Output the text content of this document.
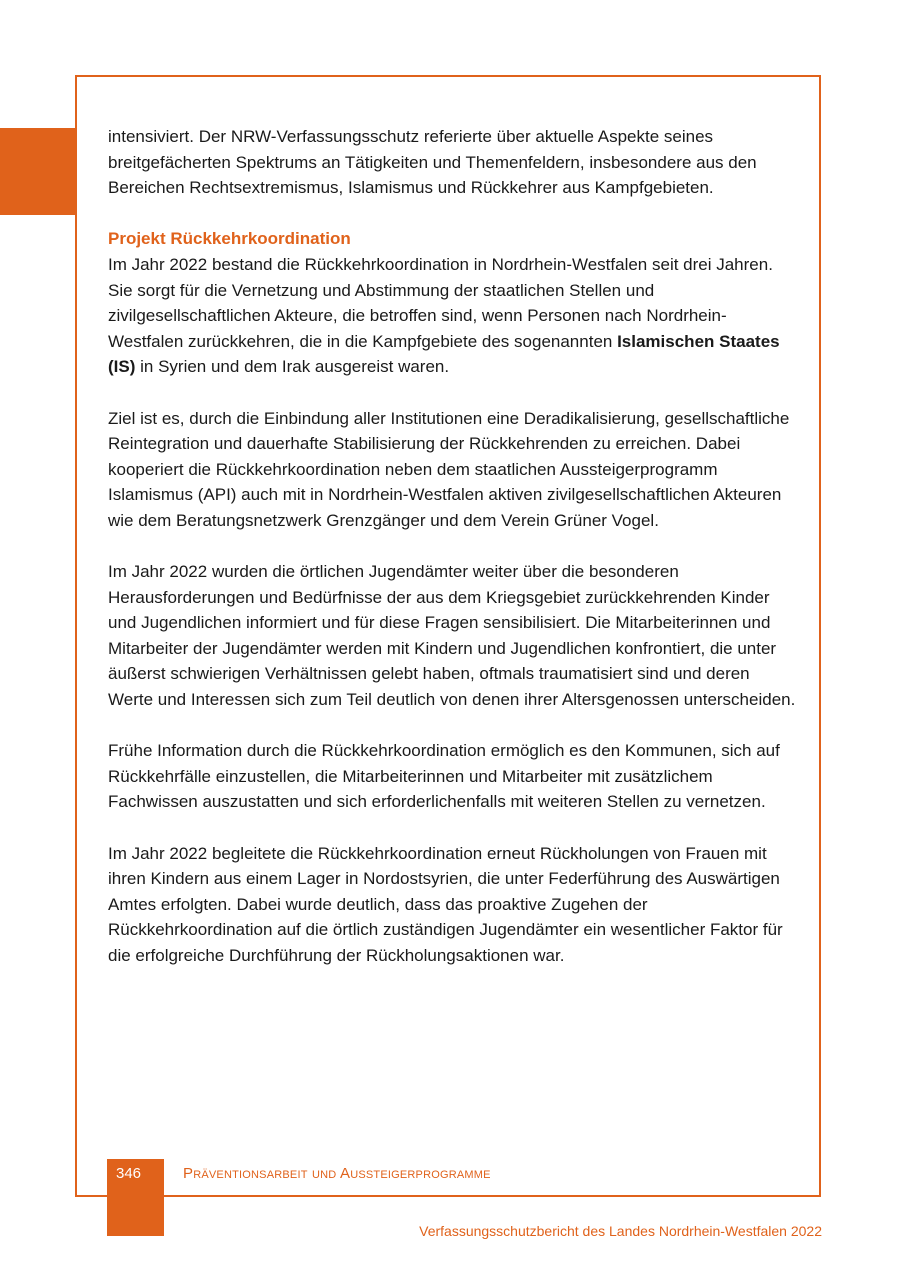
intensiviert. Der NRW-Verfassungsschutz referierte über aktuelle Aspekte seines breitgefächerten Spektrums an Tätigkeiten und Themenfeldern, insbesondere aus den Bereichen Rechtsextremismus, Islamismus und Rückkehrer aus Kampfgebieten.

Projekt Rückkehrkoordination

Im Jahr 2022 bestand die Rückkehrkoordination in Nordrhein-Westfalen seit drei Jahren. Sie sorgt für die Vernetzung und Abstimmung der staatlichen Stellen und zivilgesellschaftlichen Akteure, die betroffen sind, wenn Personen nach Nordrhein-Westfalen zurückkehren, die in die Kampfgebiete des sogenannten Islamischen Staates (IS) in Syrien und dem Irak ausgereist waren.

Ziel ist es, durch die Einbindung aller Institutionen eine Deradikalisierung, gesellschaftliche Reintegration und dauerhafte Stabilisierung der Rückkehrenden zu erreichen. Dabei kooperiert die Rückkehrkoordination neben dem staatlichen Aussteigerprogramm Islamismus (API) auch mit in Nordrhein-Westfalen aktiven zivilgesellschaftlichen Akteuren wie dem Beratungsnetzwerk Grenzgänger und dem Verein Grüner Vogel.

Im Jahr 2022 wurden die örtlichen Jugendämter weiter über die besonderen Herausforderungen und Bedürfnisse der aus dem Kriegsgebiet zurückkehrenden Kinder und Jugendlichen informiert und für diese Fragen sensibilisiert. Die Mitarbeiterinnen und Mitarbeiter der Jugendämter werden mit Kindern und Jugendlichen konfrontiert, die unter äußerst schwierigen Verhältnissen gelebt haben, oftmals traumatisiert sind und deren Werte und Interessen sich zum Teil deutlich von denen ihrer Altersgenossen unterscheiden.

Frühe Information durch die Rückkehrkoordination ermöglich es den Kommunen, sich auf Rückkehrfälle einzustellen, die Mitarbeiterinnen und Mitarbeiter mit zusätzlichem Fachwissen auszustatten und sich erforderlichenfalls mit weiteren Stellen zu vernetzen.

Im Jahr 2022 begleitete die Rückkehrkoordination erneut Rückholungen von Frauen mit ihren Kindern aus einem Lager in Nordostsyrien, die unter Federführung des Auswärtigen Amtes erfolgten. Dabei wurde deutlich, dass das proaktive Zugehen der Rückkehrkoordination auf die örtlich zuständigen Jugendämter ein wesentlicher Faktor für die erfolgreiche Durchführung der Rückholungsaktionen war.

346	Präventionsarbeit und Aussteigerprogramme
Verfassungsschutzbericht des Landes Nordrhein-Westfalen 2022
